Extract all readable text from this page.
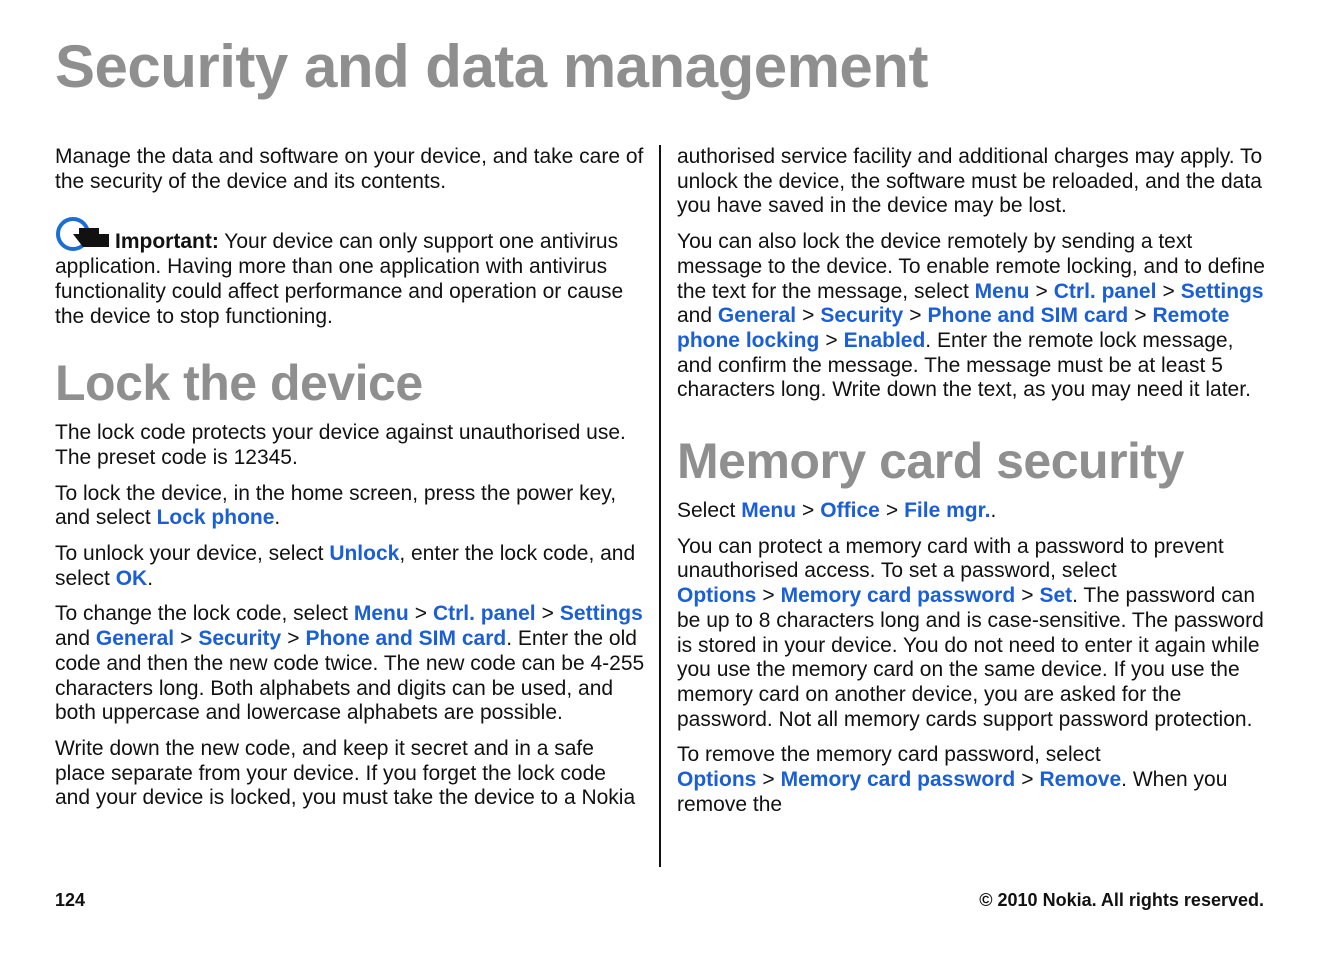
Security and data management

Manage the data and software on your device, and take care of the security of the device and its contents.

Important: Your device can only support one antivirus application. Having more than one application with antivirus functionality could affect performance and operation or cause the device to stop functioning.

Lock the device

The lock code protects your device against unauthorised use. The preset code is 12345.

To lock the device, in the home screen, press the power key, and select Lock phone.

To unlock your device, select Unlock, enter the lock code, and select OK.

To change the lock code, select Menu > Ctrl. panel > Settings and General > Security > Phone and SIM card. Enter the old code and then the new code twice. The new code can be 4-255 characters long. Both alphabets and digits can be used, and both uppercase and lowercase alphabets are possible.

Write down the new code, and keep it secret and in a safe place separate from your device. If you forget the lock code and your device is locked, you must take the device to a Nokia

authorised service facility and additional charges may apply. To unlock the device, the software must be reloaded, and the data you have saved in the device may be lost.

You can also lock the device remotely by sending a text message to the device. To enable remote locking, and to define the text for the message, select Menu > Ctrl. panel > Settings and General > Security > Phone and SIM card > Remote phone locking > Enabled. Enter the remote lock message, and confirm the message. The message must be at least 5 characters long. Write down the text, as you may need it later.

Memory card security

Select Menu > Office > File mgr..

You can protect a memory card with a password to prevent unauthorised access. To set a password, select Options > Memory card password > Set. The password can be up to 8 characters long and is case-sensitive. The password is stored in your device. You do not need to enter it again while you use the memory card on the same device. If you use the memory card on another device, you are asked for the password. Not all memory cards support password protection.

To remove the memory card password, select Options > Memory card password > Remove. When you remove the

124	© 2010 Nokia. All rights reserved.
